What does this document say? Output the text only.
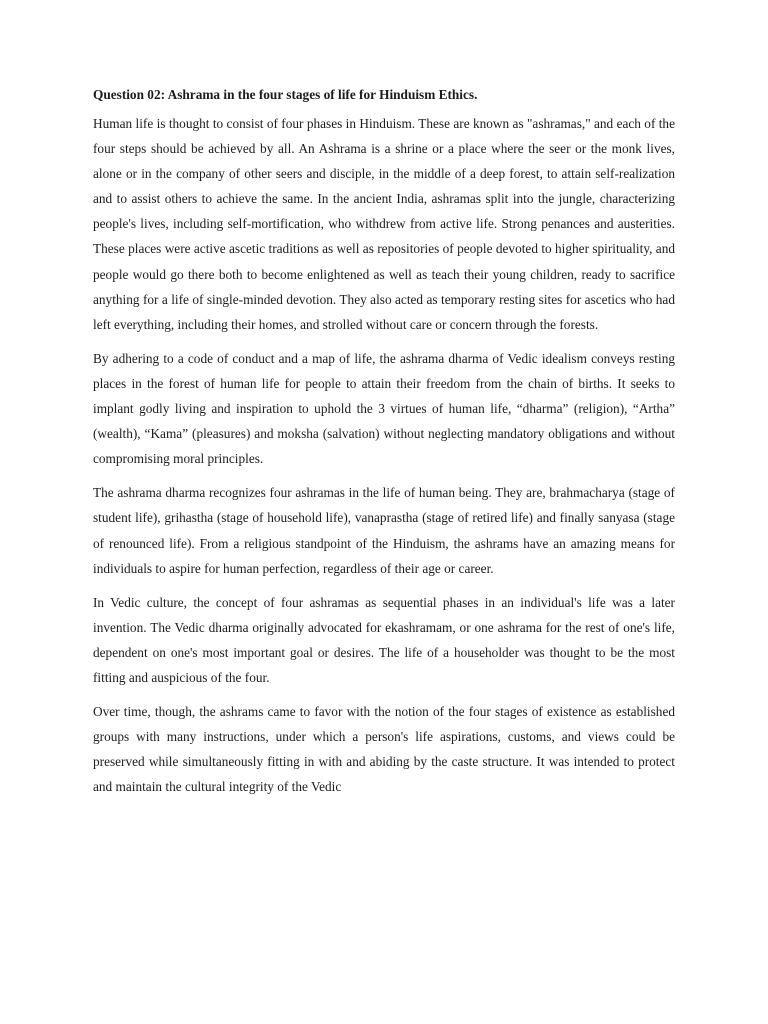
Question 02: Ashrama in the four stages of life for Hinduism Ethics.

Human life is thought to consist of four phases in Hinduism. These are known as "ashramas," and each of the four steps should be achieved by all. An Ashrama is a shrine or a place where the seer or the monk lives, alone or in the company of other seers and disciple, in the middle of a deep forest, to attain self-realization and to assist others to achieve the same. In the ancient India, ashramas split into the jungle, characterizing people's lives, including self-mortification, who withdrew from active life. Strong penances and austerities. These places were active ascetic traditions as well as repositories of people devoted to higher spirituality, and people would go there both to become enlightened as well as teach their young children, ready to sacrifice anything for a life of single-minded devotion. They also acted as temporary resting sites for ascetics who had left everything, including their homes, and strolled without care or concern through the forests.

By adhering to a code of conduct and a map of life, the ashrama dharma of Vedic idealism conveys resting places in the forest of human life for people to attain their freedom from the chain of births. It seeks to implant godly living and inspiration to uphold the 3 virtues of human life, “dharma” (religion), “Artha” (wealth), “Kama” (pleasures) and moksha (salvation) without neglecting mandatory obligations and without compromising moral principles.

The ashrama dharma recognizes four ashramas in the life of human being. They are, brahmacharya (stage of student life), grihastha (stage of household life), vanaprastha (stage of retired life) and finally sanyasa (stage of renounced life). From a religious standpoint of the Hinduism, the ashrams have an amazing means for individuals to aspire for human perfection, regardless of their age or career.

In Vedic culture, the concept of four ashramas as sequential phases in an individual's life was a later invention. The Vedic dharma originally advocated for ekashramam, or one ashrama for the rest of one's life, dependent on one's most important goal or desires. The life of a householder was thought to be the most fitting and auspicious of the four.

Over time, though, the ashrams came to favor with the notion of the four stages of existence as established groups with many instructions, under which a person's life aspirations, customs, and views could be preserved while simultaneously fitting in with and abiding by the caste structure. It was intended to protect and maintain the cultural integrity of the Vedic
